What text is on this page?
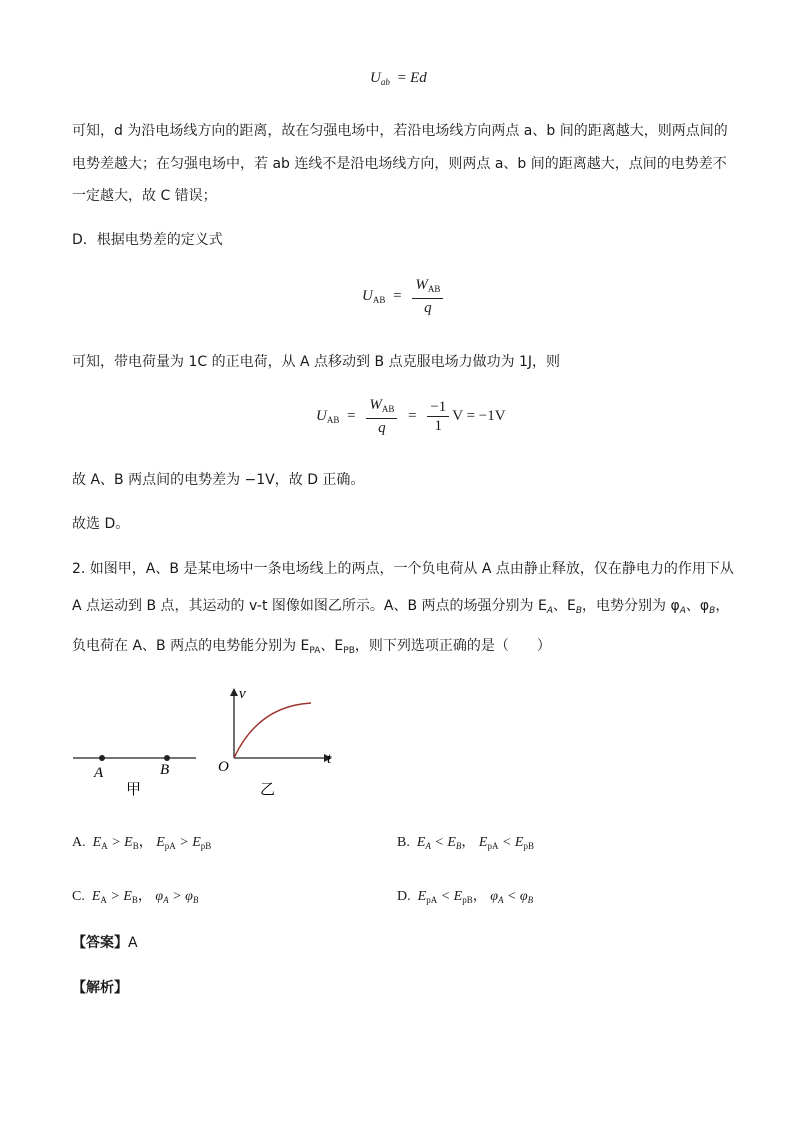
$U_{ab} = Ed$
可知，d 为沿电场线方向的距离，故在匀强电场中，若沿电场线方向两点 a、b 间的距离越大，则两点间的
电势差越大；在匀强电场中，若 ab 连线不是沿电场线方向，则两点 a、b 间的距离越大，点间的电势差不
一定越大，故 C 错误；
D．根据电势差的定义式
$U_{AB} = \frac{W_{AB}}{q}$
可知，带电荷量为 1C 的正电荷，从 A 点移动到 B 点克服电场力做功为 1J，则
$U_{AB} = \frac{W_{AB}}{q} = \frac{-1}{1}$ V = −1V
故 A、B 两点间的电势差为 −1V，故 D 正确。
故选 D。
2. 如图甲，A、B 是某电场中一条电场线上的两点，一个负电荷从 A 点由静止释放，仅在静电力的作用下从
A 点运动到 B 点，其运动的 v-t 图像如图乙所示。A、B 两点的场强分别为 $E_A$、$E_B$，电势分别为 $\varphi_A$、$\varphi_B$，
负电荷在 A、B 两点的电势能分别为 $E_{PA}$、$E_{PB}$，则下列选项正确的是（　　）
A	B
甲
v
t
O
乙
A. $E_A > E_B$， $E_{pA} > E_{pB}$	B. $E_A < E_B$， $E_{pA} < E_{pB}$
C. $E_A > E_B$， $\varphi_A > \varphi_B$	D. $E_{pA} < E_{pB}$， $\varphi_A < \varphi_B$
【答案】A
【解析】
